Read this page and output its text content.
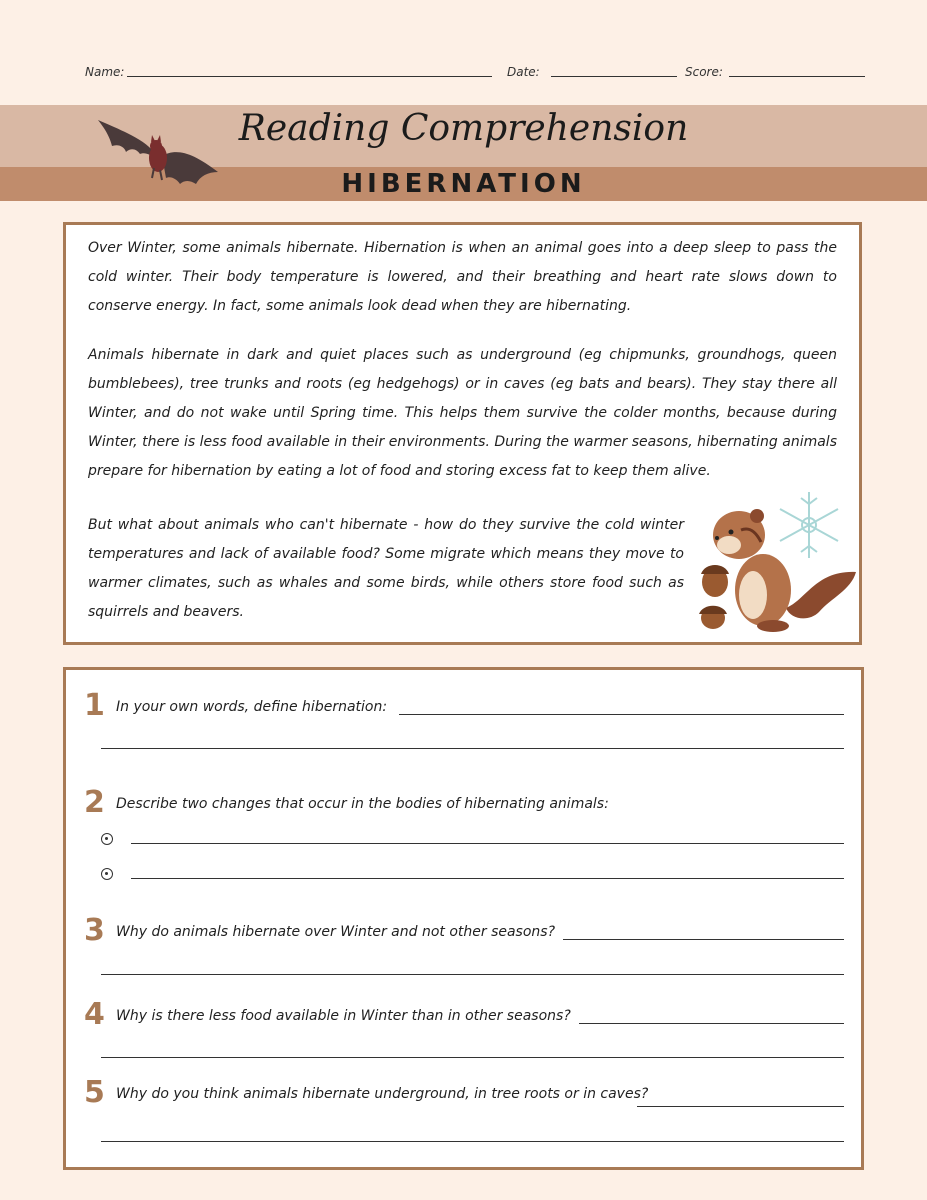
Name:	Date:	Score:
Reading Comprehension
HIBERNATION

Over Winter, some animals hibernate. Hibernation is when an animal goes into a deep sleep to pass the cold winter. Their body temperature is lowered, and their breathing and heart rate slows down to conserve energy. In fact, some animals look dead when they are hibernating.

Animals hibernate in dark and quiet places such as underground (eg chipmunks, groundhogs, queen bumblebees), tree trunks and roots (eg hedgehogs) or in caves (eg bats and bears). They stay there all Winter, and do not wake until Spring time. This helps them survive the colder months, because during Winter, there is less food available in their environments. During the warmer seasons, hibernating animals prepare for hibernation by eating a lot of food and storing excess fat to keep them alive.

But what about animals who can't hibernate - how do they survive the cold winter temperatures and lack of available food? Some migrate which means they move to warmer climates, such as whales and some birds, while others store food such as squirrels and beavers.

1 In your own words, define hibernation:
2 Describe two changes that occur in the bodies of hibernating animals:
3 Why do animals hibernate over Winter and not other seasons?
4 Why is there less food available in Winter than in other seasons?
5 Why do you think animals hibernate underground, in tree roots or in caves?
